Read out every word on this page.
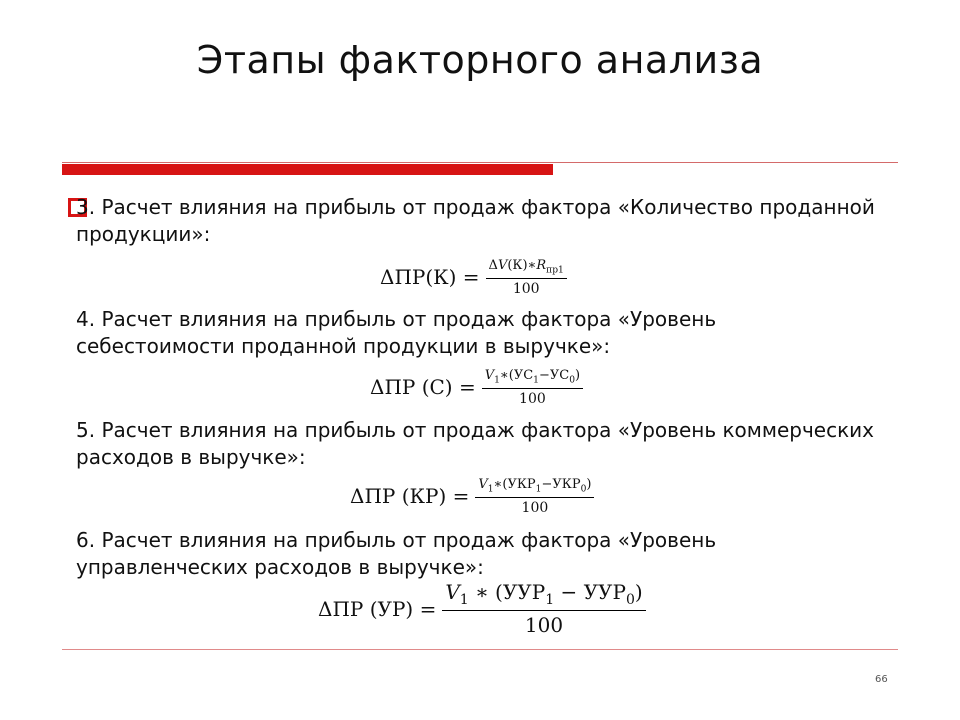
Этапы факторного анализа
3. Расчет влияния на прибыль от продаж фактора «Количество проданной продукции»:
$\Delta ПР(К) = \frac{\Delta V(К)∗R_{пр1}}{100}$
4. Расчет влияния на прибыль от продаж фактора «Уровень себестоимости проданной продукции в выручке»:
ΔПР $(С) = \frac{V_1∗(УС_1-УС_0)}{100}$
5. Расчет влияния на прибыль от продаж фактора «Уровень коммерческих расходов в выручке»:
ΔПР $(КР) = \frac{V_1∗(УКР_1-УКР_0)}{100}$
6. Расчет влияния на прибыль от продаж фактора «Уровень управленческих расходов в выручке»:
ΔПР $(УР) = \frac{V_1 ∗ (УУР_1 - УУР_0)}{100}$
66
